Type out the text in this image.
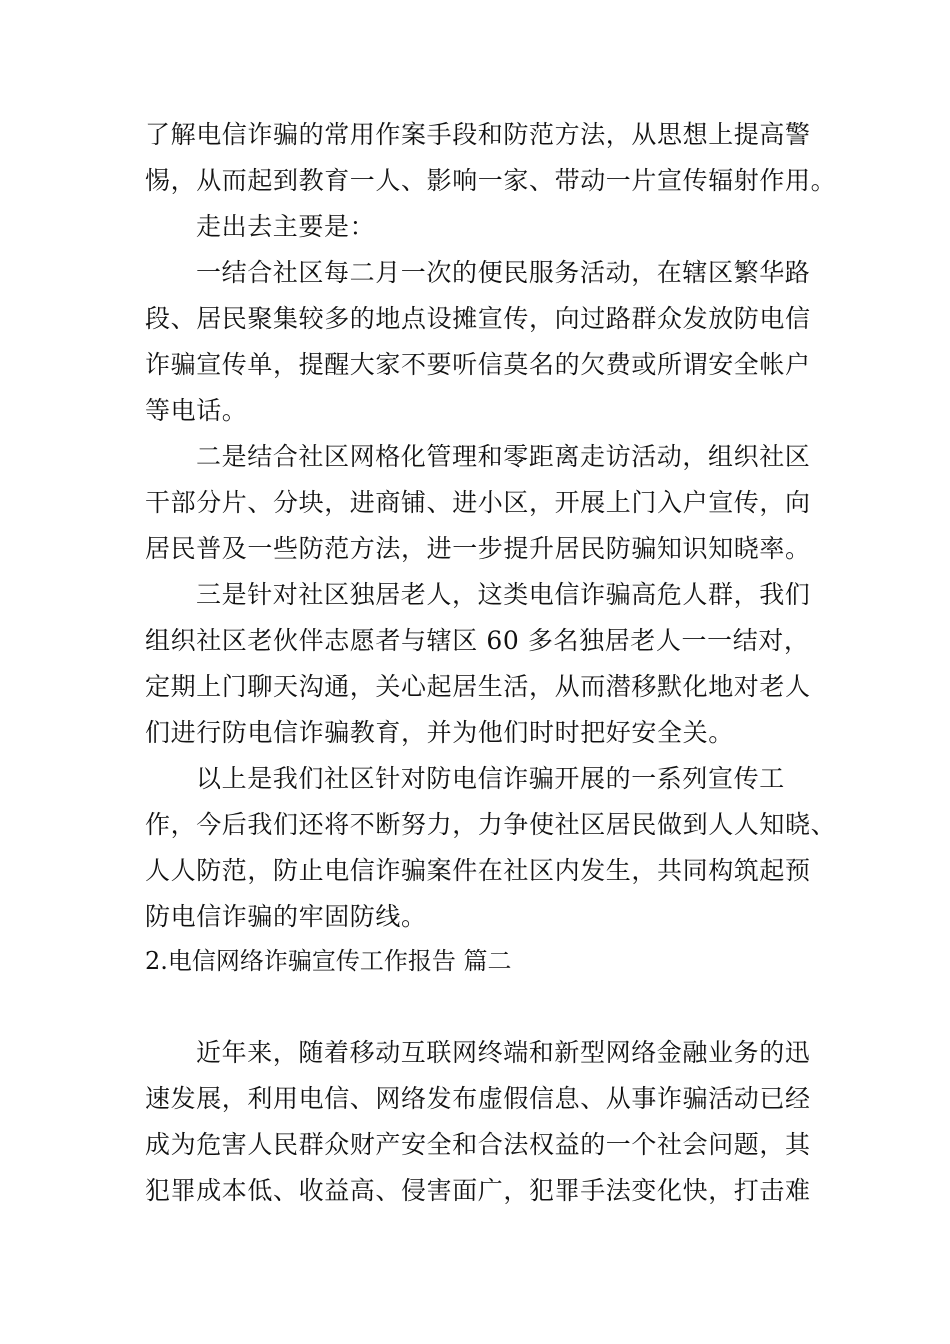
了解电信诈骗的常用作案手段和防范方法，从思想上提高警
惕，从而起到教育一人、影响一家、带动一片宣传辐射作用。
走出去主要是：
一结合社区每二月一次的便民服务活动，在辖区繁华路
段、居民聚集较多的地点设摊宣传，向过路群众发放防电信
诈骗宣传单，提醒大家不要听信莫名的欠费或所谓安全帐户
等电话。
二是结合社区网格化管理和零距离走访活动，组织社区
干部分片、分块，进商铺、进小区，开展上门入户宣传，向
居民普及一些防范方法，进一步提升居民防骗知识知晓率。
三是针对社区独居老人，这类电信诈骗高危人群，我们
组织社区老伙伴志愿者与辖区 60 多名独居老人一一结对，
定期上门聊天沟通，关心起居生活，从而潜移默化地对老人
们进行防电信诈骗教育，并为他们时时把好安全关。
以上是我们社区针对防电信诈骗开展的一系列宣传工
作，今后我们还将不断努力，力争使社区居民做到人人知晓、
人人防范，防止电信诈骗案件在社区内发生，共同构筑起预
防电信诈骗的牢固防线。
2.电信网络诈骗宣传工作报告 篇二
近年来，随着移动互联网终端和新型网络金融业务的迅
速发展，利用电信、网络发布虚假信息、从事诈骗活动已经
成为危害人民群众财产安全和合法权益的一个社会问题，其
犯罪成本低、收益高、侵害面广，犯罪手法变化快，打击难
